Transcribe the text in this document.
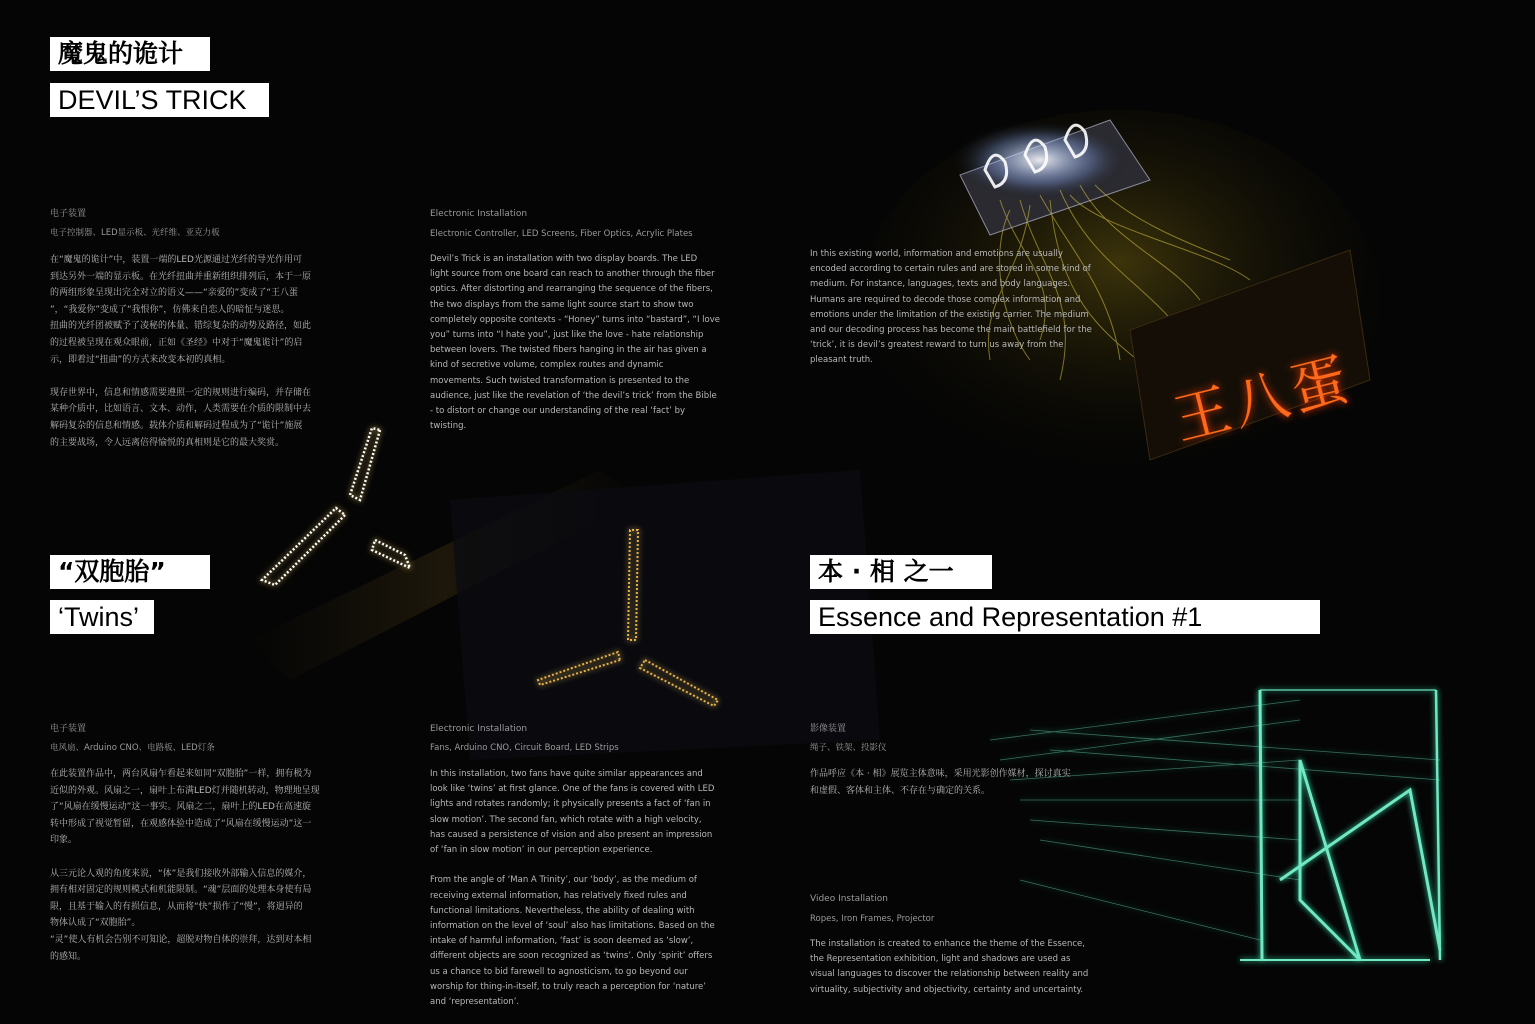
王八蛋
魔鬼的诡计
DEVIL’S TRICK
“双胞胎”
‘Twins’
本 · 相 之一
Essence and Representation #1
电子装置
电子控制器、LED显示板、光纤维、亚克力板
在“魔鬼的诡计”中，装置一端的LED光源通过光纤的导光作用可
到达另外一端的显示板。在光纤扭曲并重新组织排列后，本于一原
的两组形象呈现出完全对立的语义——“亲爱的”变成了“王八蛋
”，“我爱你”变成了“我恨你”，仿佛来自恋人的暗怔与迷思。
扭曲的光纤团被赋予了凌秘的体量、错综复杂的动势及路径，如此
的过程被呈现在观众眼前，正如《圣经》中对于“魔鬼诡计”的启
示，即着过“扭曲”的方式来改变本初的真相。

现存世界中，信息和情感需要遵照一定的规则进行编码，并存储在
某种介质中，比如语言、文本、动作，人类需要在介质的限制中去
解码复杂的信息和情感。载体介质和解码过程成为了“诡计”施展
的主要战场，令人远离倍得愉悦的真相则是它的最大奖赏。
Electronic Installation
Electronic Controller, LED Screens, Fiber Optics, Acrylic Plates
Devil’s Trick is an installation with two display boards. The LED
light source from one board can reach to another through the fiber
optics. After distorting and rearranging the sequence of the fibers,
the two displays from the same light source start to show two
completely opposite contexts - “Honey” turns into “bastard”, “I love
you” turns into “I hate you”, just like the love - hate relationship
between lovers. The twisted fibers hanging in the air has given a
kind of secretive volume, complex routes and dynamic
movements. Such twisted transformation is presented to the
audience, just like the revelation of ‘the devil’s trick’ from the Bible
- to distort or change our understanding of the real ‘fact’ by
twisting.
In this existing world, information and emotions are usually
encoded according to certain rules and are stored in some kind of
medium. For instance, languages, texts and body languages.
Humans are required to decode those complex information and
emotions under the limitation of the existing carrier. The medium
and our decoding process has become the main battlefield for the
‘trick’, it is devil’s greatest reward to turn us away from the
pleasant truth.
电子装置
电风扇、Arduino CNO、电路板、LED灯条
在此装置作品中，两台风扇乍看起来如同“双胞胎”一样，拥有极为
近似的外观。风扇之一，扇叶上布满LED灯并随机转动，物理地呈现
了“风扇在缓慢运动”这一事实。风扇之二，扇叶上的LED在高速旋
转中形成了视觉暂留，在观感体验中造成了“风扇在缓慢运动”这一
印象。

从三元论人观的角度来说，“体”是我们接收外部输入信息的媒介，
拥有相对固定的规则模式和机能限制。“魂”层面的处理本身使有局
限，且基于输入的有损信息，从而将“快”损作了“慢”，将迥异的
物体认成了“双胞胎”。
“灵”使人有机会告别不可知论，超脱对物自体的崇拜，达到对本相
的感知。
Electronic Installation
Fans, Arduino CNO, Circuit Board, LED Strips
In this installation, two fans have quite similar appearances and
look like ‘twins’ at first glance. One of the fans is covered with LED
lights and rotates randomly; it physically presents a fact of ‘fan in
slow motion’. The second fan, which rotate with a high velocity,
has caused a persistence of vision and also present an impression
of ‘fan in slow motion’ in our perception experience.

From the angle of ‘Man A Trinity’, our ‘body’, as the medium of
receiving external information, has relatively fixed rules and
functional limitations. Nevertheless, the ability of dealing with
information on the level of ‘soul’ also has limitations. Based on the
intake of harmful information, ‘fast’ is soon deemed as ‘slow’,
different objects are soon recognized as ‘twins’. Only ‘spirit’ offers
us a chance to bid farewell to agnosticism, to go beyond our
worship for thing-in-itself, to truly reach a perception for ‘nature’
and ‘representation’.
影像装置
绳子、铁架、投影仪
作品呼应《本 · 相》展览主体意味，采用光影创作媒材，探讨真实
和虚假、客体和主体、不存在与确定的关系。
Video Installation
Ropes, Iron Frames, Projector
The installation is created to enhance the theme of the Essence,
the Representation exhibition, light and shadows are used as
visual languages to discover the relationship between reality and
virtuality, subjectivity and objectivity, certainty and uncertainty.
